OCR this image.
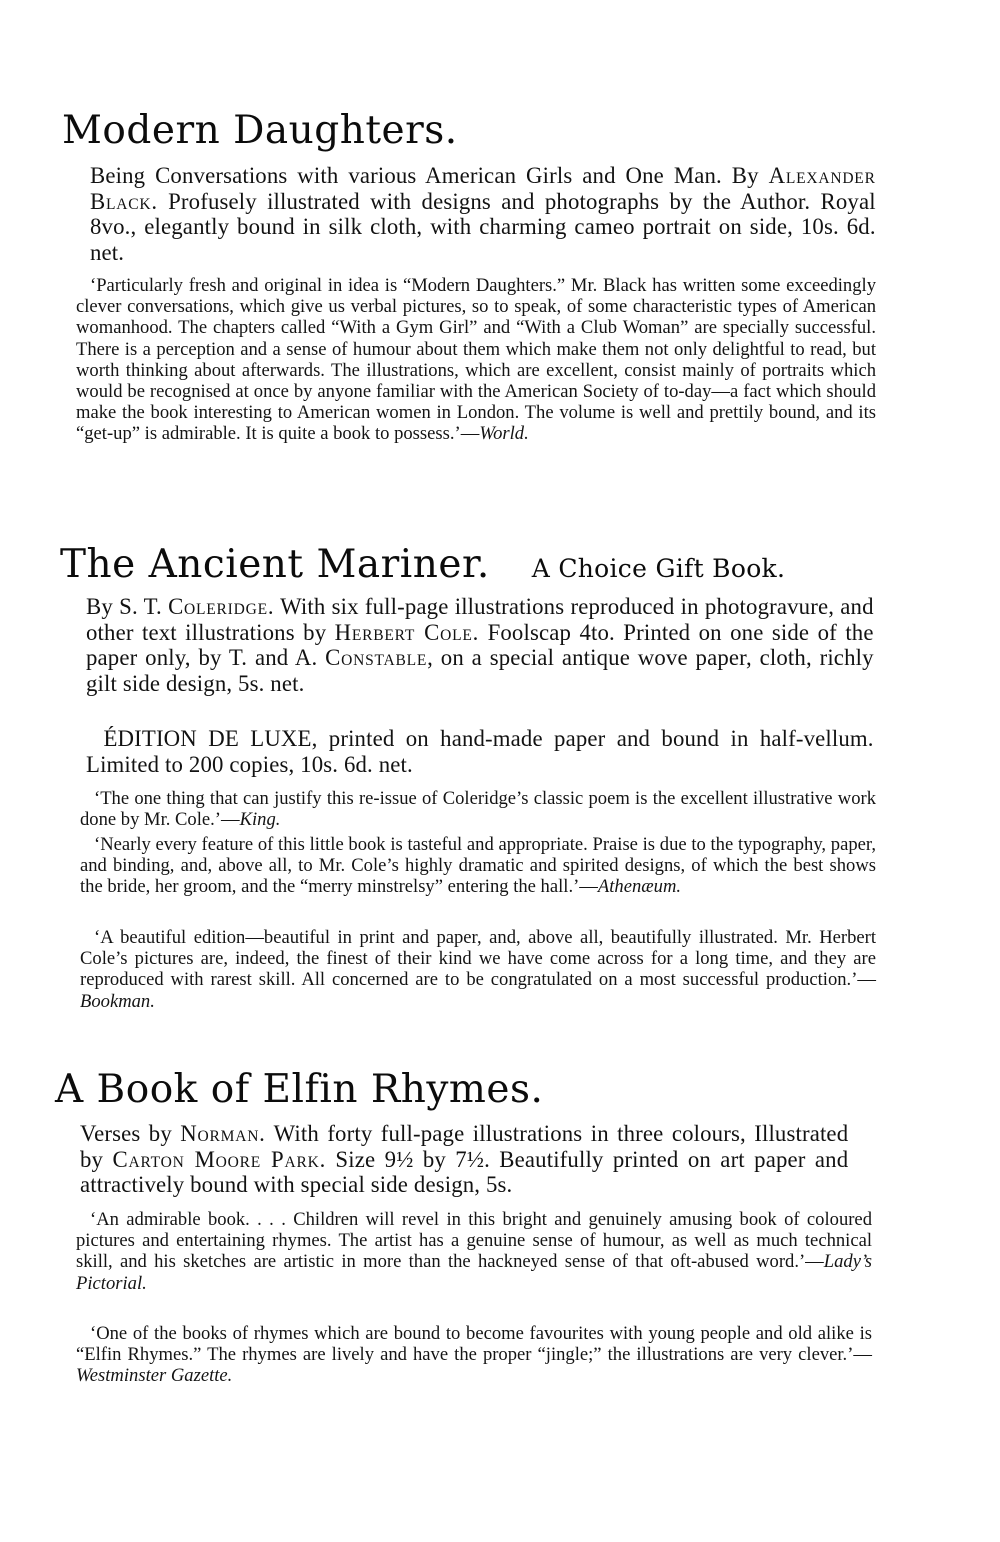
Modern Daughters.

Being Conversations with various American Girls and One Man. By Alexander Black. Profusely illustrated with designs and photographs by the Author. Royal 8vo., elegantly bound in silk cloth, with charming cameo portrait on side, 10s. 6d. net.

‘Particularly fresh and original in idea is “Modern Daughters.” Mr. Black has written some exceedingly clever conversations, which give us verbal pictures, so to speak, of some characteristic types of American womanhood. The chapters called “With a Gym Girl” and “With a Club Woman” are specially successful. There is a perception and a sense of humour about them which make them not only delightful to read, but worth thinking about afterwards. The illustrations, which are excellent, consist mainly of portraits which would be recognised at once by anyone familiar with the American Society of to-day—a fact which should make the book interesting to American women in London. The volume is well and prettily bound, and its “get-up” is admirable. It is quite a book to possess.’—World.

The Ancient Mariner. A Choice Gift Book.

By S. T. Coleridge. With six full-page illustrations reproduced in photogravure, and other text illustrations by Herbert Cole. Foolscap 4to. Printed on one side of the paper only, by T. and A. Constable, on a special antique wove paper, cloth, richly gilt side design, 5s. net.

ÉDITION DE LUXE, printed on hand-made paper and bound in half-vellum. Limited to 200 copies, 10s. 6d. net.

‘The one thing that can justify this re-issue of Coleridge’s classic poem is the excellent illustrative work done by Mr. Cole.’—King.

‘Nearly every feature of this little book is tasteful and appropriate. Praise is due to the typography, paper, and binding, and, above all, to Mr. Cole’s highly dramatic and spirited designs, of which the best shows the bride, her groom, and the “merry minstrelsy” entering the hall.’—Athenæum.

‘A beautiful edition—beautiful in print and paper, and, above all, beautifully illustrated. Mr. Herbert Cole’s pictures are, indeed, the finest of their kind we have come across for a long time, and they are reproduced with rarest skill. All concerned are to be congratulated on a most successful production.’—Bookman.

A Book of Elfin Rhymes.

Verses by Norman. With forty full-page illustrations in three colours, Illustrated by Carton Moore Park. Size 9½ by 7½. Beautifully printed on art paper and attractively bound with special side design, 5s.

‘An admirable book. . . . Children will revel in this bright and genuinely amusing book of coloured pictures and entertaining rhymes. The artist has a genuine sense of humour, as well as much technical skill, and his sketches are artistic in more than the hackneyed sense of that oft-abused word.’—Lady’s Pictorial.

‘One of the books of rhymes which are bound to become favourites with young people and old alike is “Elfin Rhymes.” The rhymes are lively and have the proper “jingle;” the illustrations are very clever.’—Westminster Gazette.
